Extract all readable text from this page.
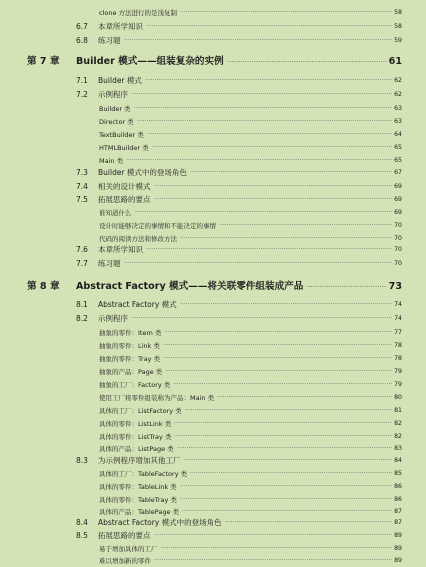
·····
clone 方法进行的是浅复制	58
6.7 ····· 本章所学知识	58
6.8 ····· 练习题	59
第 7 章 ····· Builder 模式——组装复杂的实例	61
7.1 ····· Builder 模式	62
7.2 ····· 示例程序	62
·····
Builder 类	63
·····
Director 类	63
·····
TextBuilder 类	64
·····
HTMLBuilder 类	65
·····
Main 类	65
7.3 ····· Builder 模式中的登场角色	67
7.4 ····· 相关的设计模式	69
7.5 ····· 拓展思路的要点	69
·····
谁知道什么	69
·····
设计时能够决定的事情和不能决定的事情	70
·····
代码的阅读方法和修改方法	70
7.6 ····· 本章所学知识	70
7.7 ····· 练习题	70
第 8 章 ····· Abstract Factory 模式——将关联零件组装成产品	73
8.1 ····· Abstract Factory 模式	74
8.2 ····· 示例程序	74
·····
抽象的零件：Item 类	77
·····
抽象的零件：Link 类	78
·····
抽象的零件：Tray 类	78
·····
抽象的产品：Page 类	79
·····
抽象的工厂：Factory 类	79
·····
使用工厂将零件组装称为产品：Main 类	80
·····
具体的工厂：ListFactory 类	81
·····
具体的零件：ListLink 类	82
·····
具体的零件：ListTray 类	82
·····
具体的产品：ListPage 类	83
8.3 ····· 为示例程序增加其他工厂	84
·····
具体的工厂：TableFactory 类	85
·····
具体的零件：TableLink 类	86
·····
具体的零件：TableTray 类	86
·····
具体的产品：TablePage 类	87
8.4 ····· Abstract Factory 模式中的登场角色	87
8.5 ····· 拓展思路的要点	89
·····
易于增加具体的工厂	89
·····
难以增加新的零件	89
